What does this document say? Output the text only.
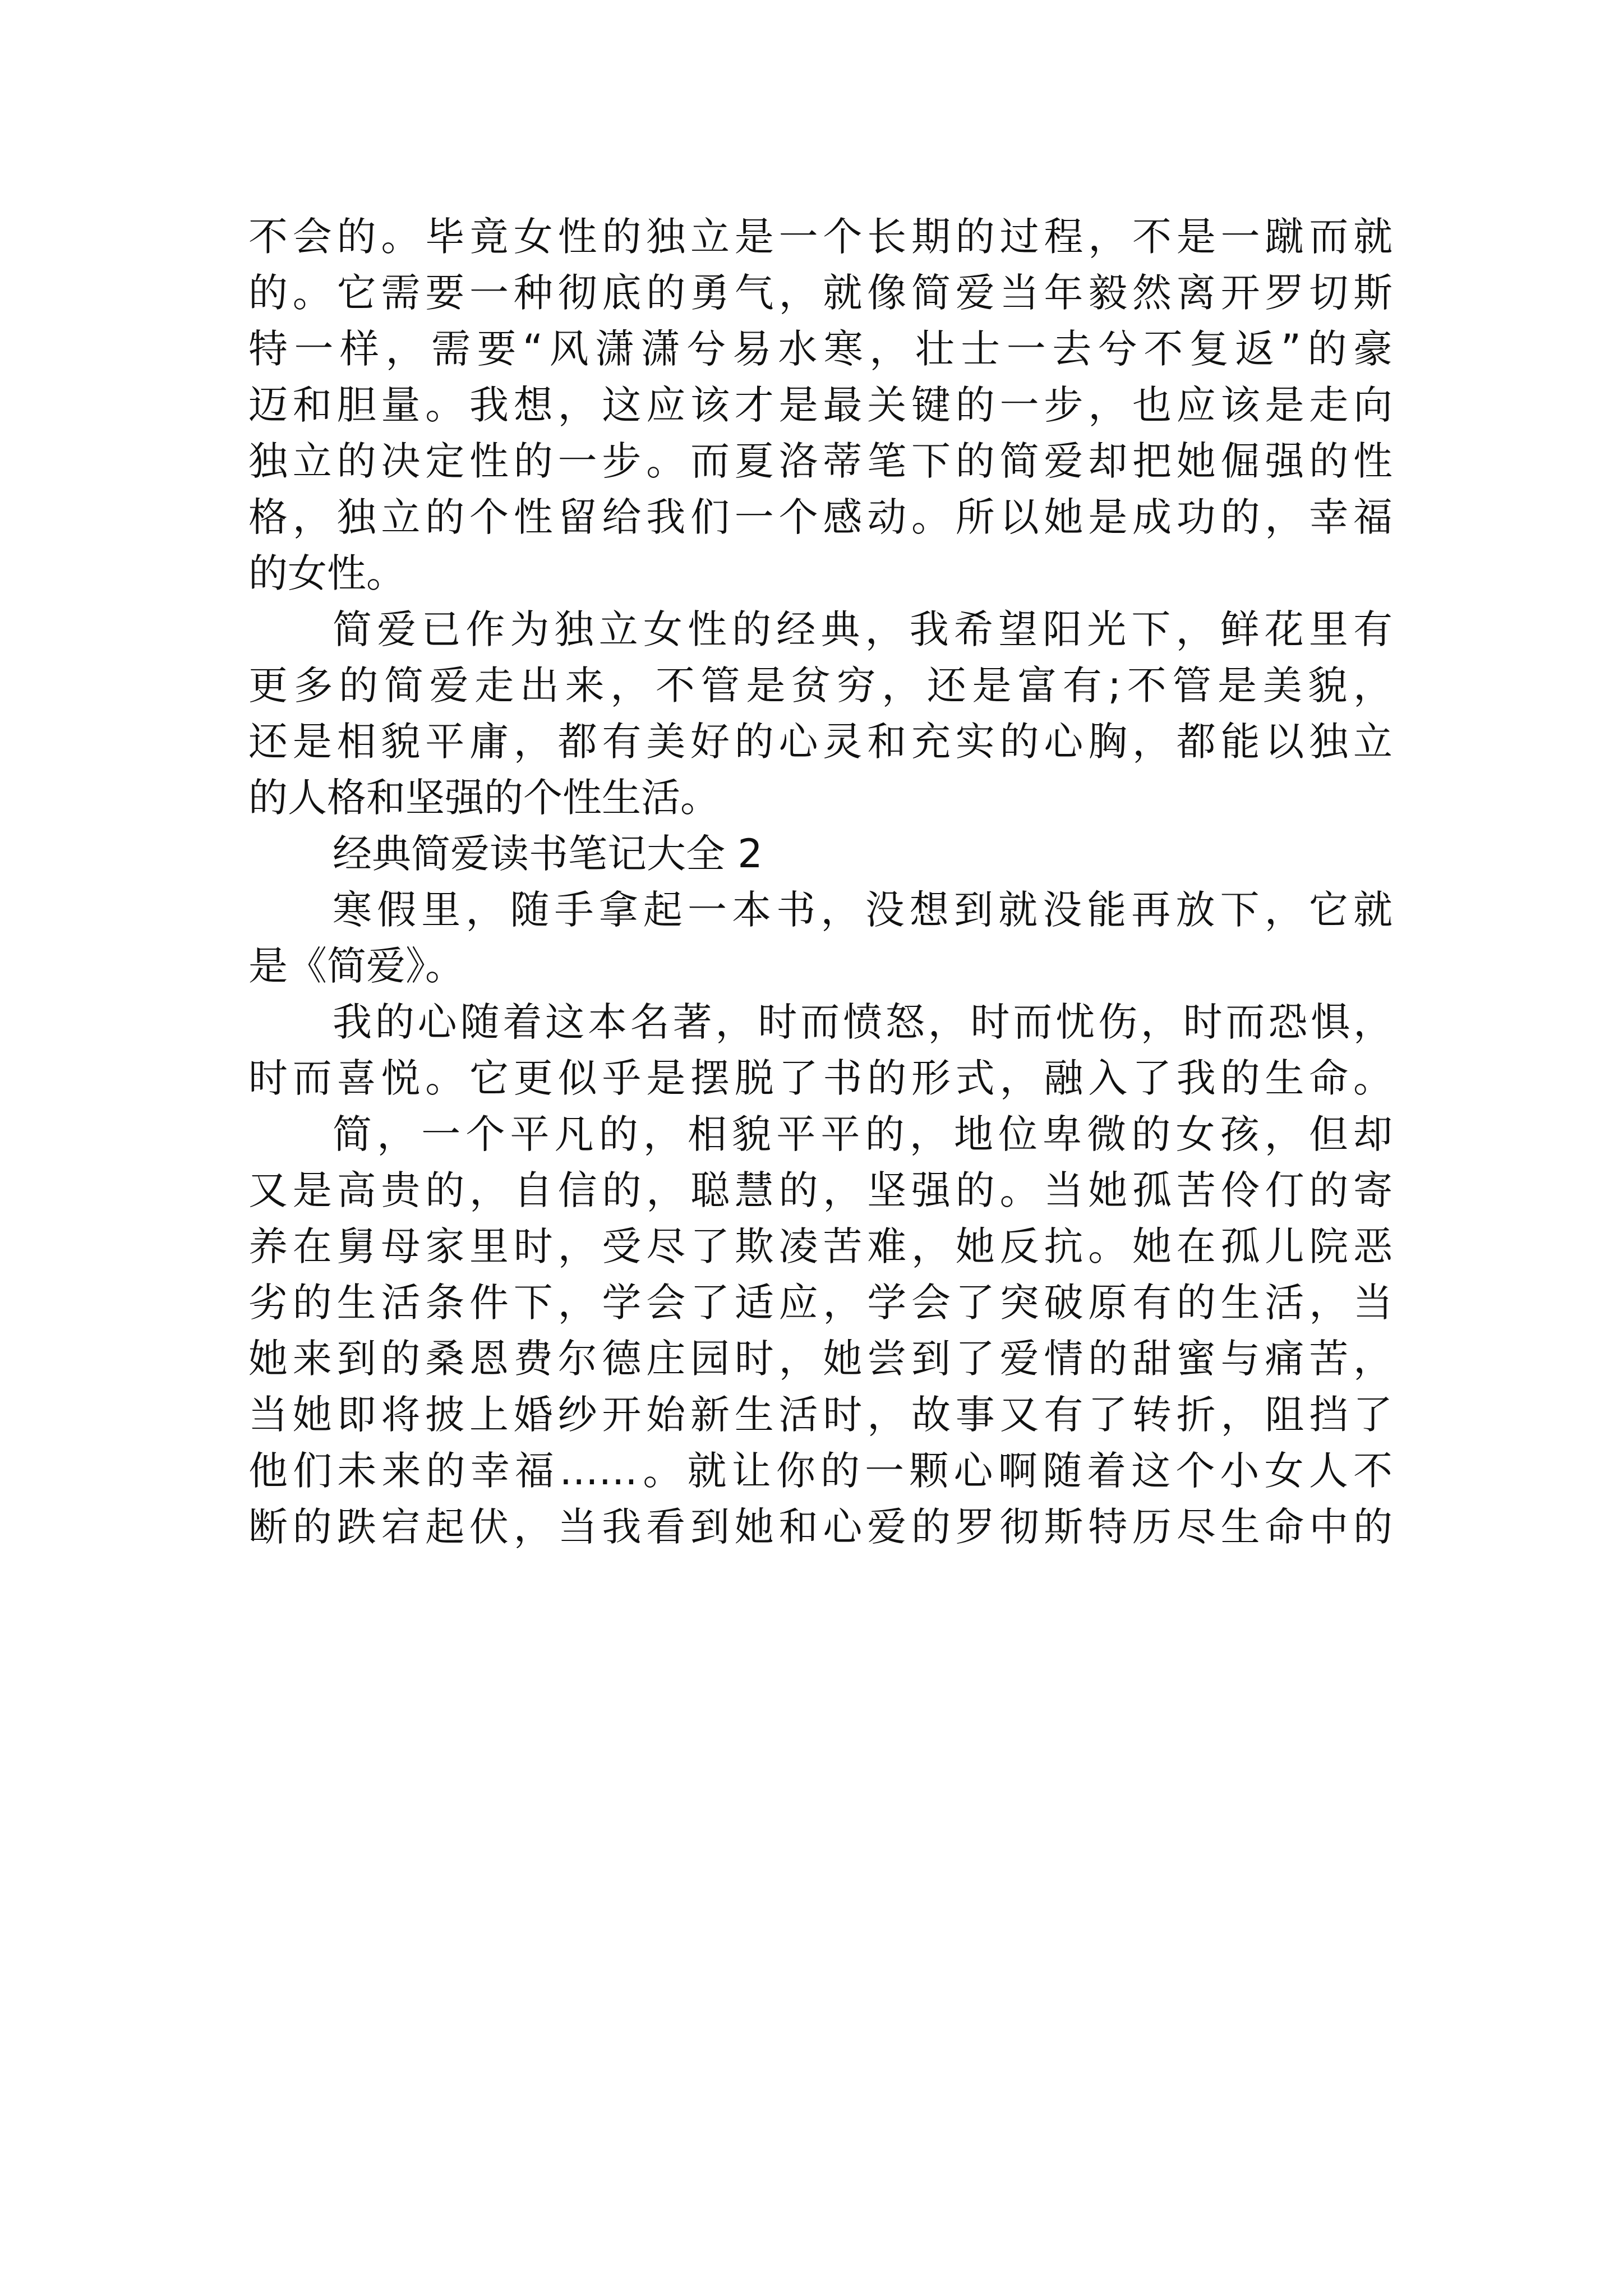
不会的。毕竟女性的独立是一个长期的过程，不是一蹴而就
的。它需要一种彻底的勇气，就像简爱当年毅然离开罗切斯
特一样，需要“风潇潇兮易水寒，壮士一去兮不复返”的豪
迈和胆量。我想，这应该才是最关键的一步，也应该是走向
独立的决定性的一步。而夏洛蒂笔下的简爱却把她倔强的性
格，独立的个性留给我们一个感动。所以她是成功的，幸福
的女性。
简爱已作为独立女性的经典，我希望阳光下，鲜花里有
更多的简爱走出来，不管是贫穷，还是富有;不管是美貌，
还是相貌平庸，都有美好的心灵和充实的心胸，都能以独立
的人格和坚强的个性生活。
经典简爱读书笔记大全 2
寒假里，随手拿起一本书，没想到就没能再放下，它就
是《简爱》。
我的心随着这本名著，时而愤怒，时而忧伤，时而恐惧，
时而喜悦。它更似乎是摆脱了书的形式，融入了我的生命。
简，一个平凡的，相貌平平的，地位卑微的女孩，但却
又是高贵的，自信的，聪慧的，坚强的。当她孤苦伶仃的寄
养在舅母家里时，受尽了欺凌苦难，她反抗。她在孤儿院恶
劣的生活条件下，学会了适应，学会了突破原有的生活，当
她来到的桑恩费尔德庄园时，她尝到了爱情的甜蜜与痛苦，
当她即将披上婚纱开始新生活时，故事又有了转折，阻挡了
他们未来的幸福……。就让你的一颗心啊随着这个小女人不
断的跌宕起伏，当我看到她和心爱的罗彻斯特历尽生命中的
